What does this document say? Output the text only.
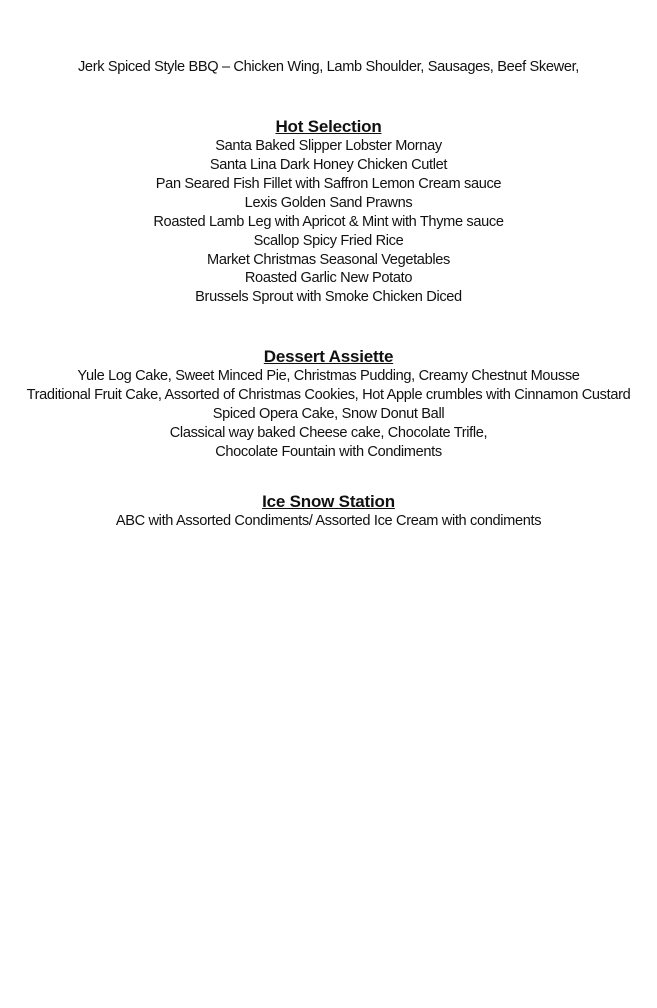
Jerk Spiced Style BBQ – Chicken Wing, Lamb Shoulder, Sausages, Beef Skewer,
Hot Selection
Santa Baked Slipper Lobster Mornay
Santa Lina Dark Honey Chicken Cutlet
Pan Seared Fish Fillet with Saffron Lemon Cream sauce
Lexis Golden Sand Prawns
Roasted Lamb Leg with Apricot & Mint with Thyme sauce
Scallop Spicy Fried Rice
Market Christmas Seasonal Vegetables
Roasted Garlic New Potato
Brussels Sprout with Smoke Chicken Diced
Dessert Assiette
Yule Log Cake, Sweet Minced Pie, Christmas Pudding, Creamy Chestnut Mousse
Traditional Fruit Cake, Assorted of Christmas Cookies, Hot Apple crumbles with Cinnamon Custard
Spiced Opera Cake, Snow Donut Ball
Classical way baked Cheese cake, Chocolate Trifle,
Chocolate Fountain with Condiments
Ice Snow Station
ABC with Assorted Condiments/ Assorted Ice Cream with condiments
